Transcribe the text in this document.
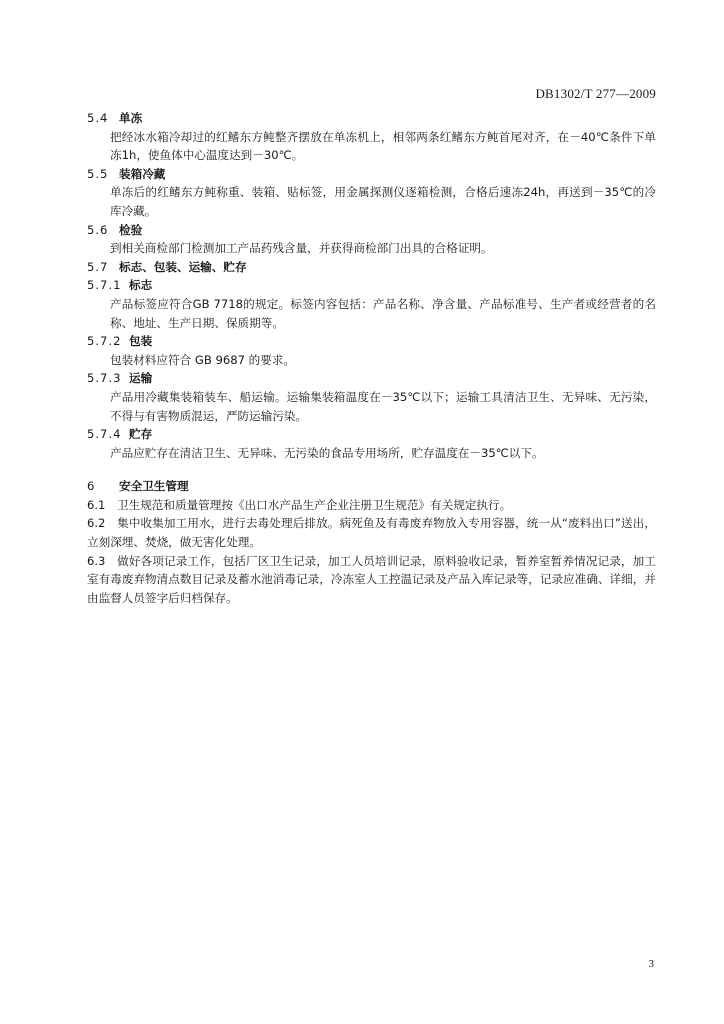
DB1302/T 277—2009
5.4 单冻
把经冰水箱冷却过的红鳍东方鲀整齐摆放在单冻机上，相邻两条红鳍东方鲀首尾对齐，在－40℃条件下单冻1h，使鱼体中心温度达到－30℃。
5.5 装箱冷藏
单冻后的红鳍东方鲀称重、装箱、贴标签，用金属探测仪逐箱检测，合格后速冻24h，再送到－35℃的冷库冷藏。
5.6 检验
到相关商检部门检测加工产品药残含量，并获得商检部门出具的合格证明。
5.7 标志、包装、运输、贮存
5.7.1 标志
产品标签应符合GB 7718的规定。标签内容包括：产品名称、净含量、产品标准号、生产者或经营者的名称、地址、生产日期、保质期等。
5.7.2 包装
包装材料应符合 GB 9687 的要求。
5.7.3 运输
产品用冷藏集装箱装车、船运输。运输集装箱温度在－35℃以下；运输工具清洁卫生、无异味、无污染，不得与有害物质混运，严防运输污染。
5.7.4 贮存
产品应贮存在清洁卫生、无异味、无污染的食品专用场所，贮存温度在－35℃以下。
6 安全卫生管理
6.1 卫生规范和质量管理按《出口水产品生产企业注册卫生规范》有关规定执行。
6.2 集中收集加工用水，进行去毒处理后排放。病死鱼及有毒废弃物放入专用容器，统一从“废料出口”送出，立刻深埋、焚烧，做无害化处理。
6.3 做好各项记录工作，包括厂区卫生记录，加工人员培训记录，原料验收记录，暂养室暂养情况记录，加工室有毒废弃物清点数目记录及蓄水池消毒记录，冷冻室人工控温记录及产品入库记录等，记录应准确、详细，并由监督人员签字后归档保存。
3
